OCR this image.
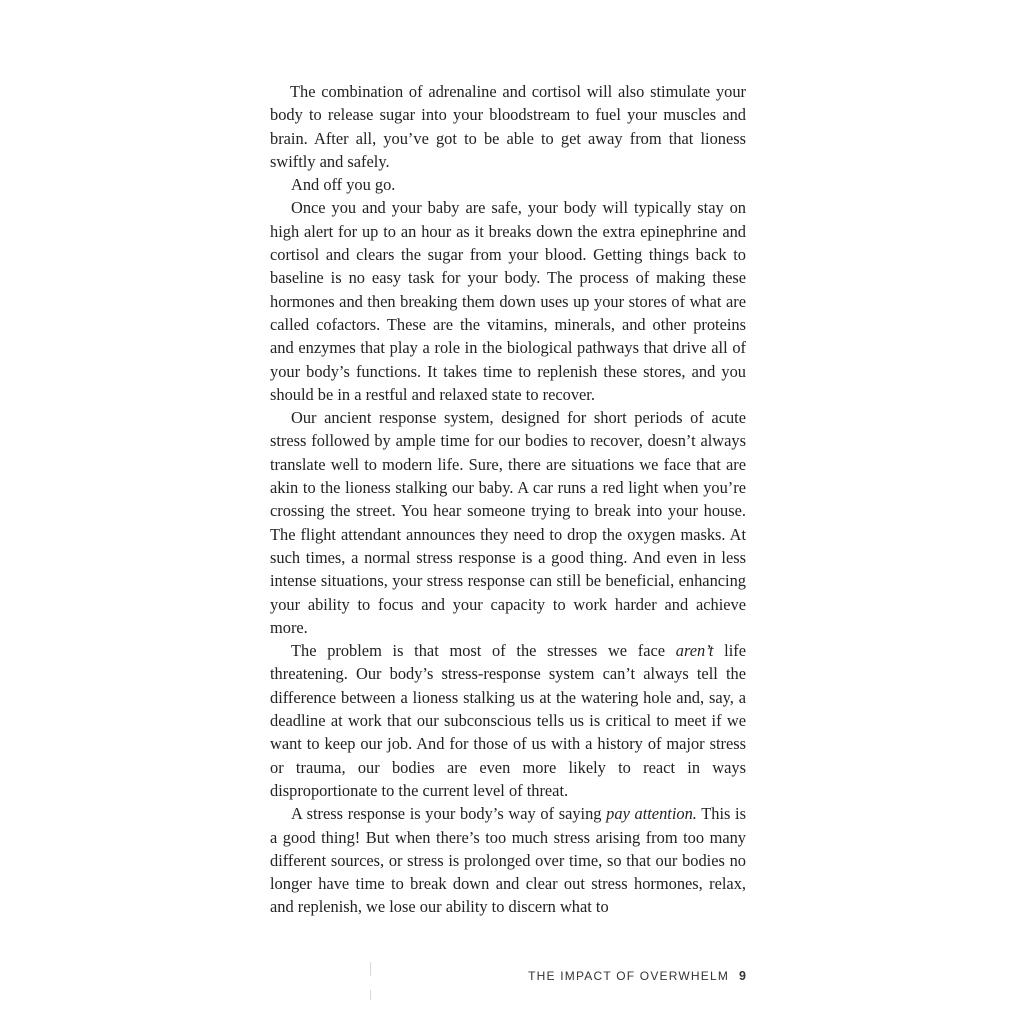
The combination of adrenaline and cortisol will also stimulate your body to release sugar into your bloodstream to fuel your muscles and brain. After all, you’ve got to be able to get away from that lioness swiftly and safely.

And off you go.

Once you and your baby are safe, your body will typically stay on high alert for up to an hour as it breaks down the extra epinephrine and cortisol and clears the sugar from your blood. Getting things back to baseline is no easy task for your body. The process of making these hormones and then breaking them down uses up your stores of what are called cofactors. These are the vitamins, minerals, and other proteins and enzymes that play a role in the biological pathways that drive all of your body’s functions. It takes time to replenish these stores, and you should be in a restful and relaxed state to recover.

Our ancient response system, designed for short periods of acute stress followed by ample time for our bodies to recover, doesn’t always translate well to modern life. Sure, there are situations we face that are akin to the lioness stalking our baby. A car runs a red light when you’re crossing the street. You hear someone trying to break into your house. The flight attendant announces they need to drop the oxygen masks. At such times, a normal stress response is a good thing. And even in less intense situations, your stress response can still be beneficial, enhancing your ability to focus and your capacity to work harder and achieve more.

The problem is that most of the stresses we face aren’t life threatening. Our body’s stress-response system can’t always tell the difference between a lioness stalking us at the watering hole and, say, a deadline at work that our subconscious tells us is critical to meet if we want to keep our job. And for those of us with a history of major stress or trauma, our bodies are even more likely to react in ways disproportionate to the current level of threat.

A stress response is your body’s way of saying pay attention. This is a good thing! But when there’s too much stress arising from too many different sources, or stress is prolonged over time, so that our bodies no longer have time to break down and clear out stress hormones, relax, and replenish, we lose our ability to discern what to

THE IMPACT OF OVERWHELM 9
